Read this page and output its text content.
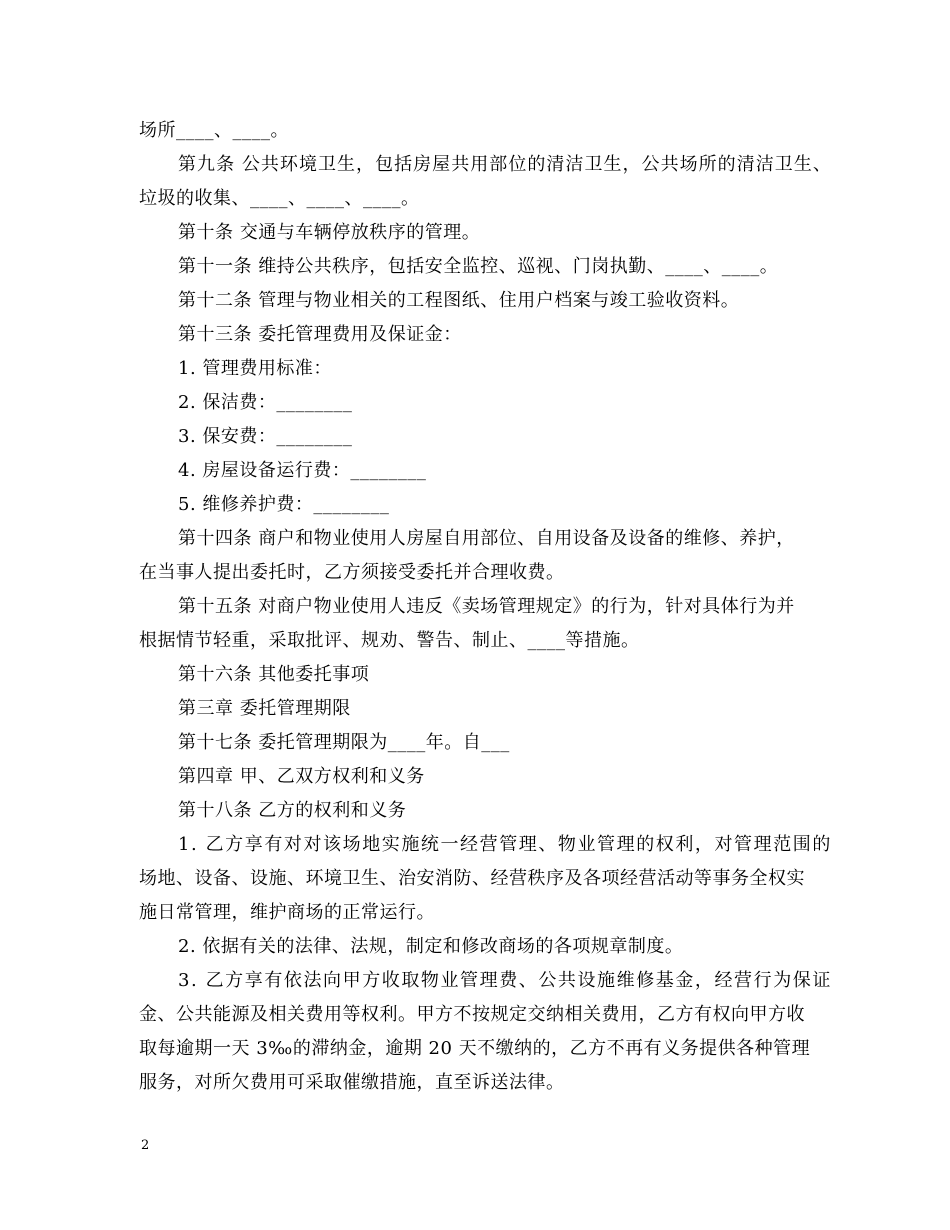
场所____、____。
第九条 公共环境卫生，包括房屋共用部位的清洁卫生，公共场所的清洁卫生、
垃圾的收集、____、____、____。
第十条 交通与车辆停放秩序的管理。
第十一条 维持公共秩序，包括安全监控、巡视、门岗执勤、____、____。
第十二条 管理与物业相关的工程图纸、住用户档案与竣工验收资料。
第十三条 委托管理费用及保证金：
1. 管理费用标准：
2. 保洁费：________
3. 保安费：________
4. 房屋设备运行费：________
5. 维修养护费：________
第十四条 商户和物业使用人房屋自用部位、自用设备及设备的维修、养护，
在当事人提出委托时，乙方须接受委托并合理收费。
第十五条 对商户物业使用人违反《卖场管理规定》的行为，针对具体行为并
根据情节轻重，采取批评、规劝、警告、制止、____等措施。
第十六条 其他委托事项
第三章 委托管理期限
第十七条 委托管理期限为____年。自___
第四章 甲、乙双方权利和义务
第十八条 乙方的权利和义务
1. 乙方享有对对该场地实施统一经营管理、物业管理的权利，对管理范围的
场地、设备、设施、环境卫生、治安消防、经营秩序及各项经营活动等事务全权实
施日常管理，维护商场的正常运行。
2. 依据有关的法律、法规，制定和修改商场的各项规章制度。
3. 乙方享有依法向甲方收取物业管理费、公共设施维修基金，经营行为保证
金、公共能源及相关费用等权利。甲方不按规定交纳相关费用，乙方有权向甲方收
取每逾期一天 3‰的滞纳金，逾期 20 天不缴纳的，乙方不再有义务提供各种管理
服务，对所欠费用可采取催缴措施，直至诉送法律。
2
